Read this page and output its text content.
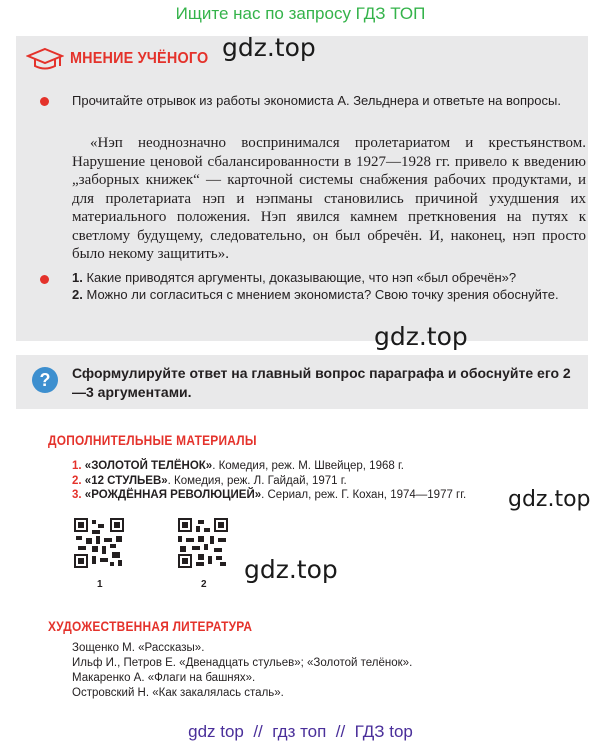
Ищите нас по запросу ГДЗ ТОП
МНЕНИЕ УЧЁНОГО
Прочитайте отрывок из работы экономиста А. Зельднера и ответьте на вопросы.
«Нэп неоднозначно воспринимался пролетариатом и крестьянством. Нарушение ценовой сбалансированности в 1927—1928 гг. привело к введению „заборных книжек“ — карточной системы снабжения рабочих продуктами, и для пролетариата нэп и нэпманы становились причиной ухудшения их материального положения. Нэп явился камнем преткновения на путях к светлому будущему, следовательно, он был обречён. И, наконец, нэп просто было некому защитить».
1. Какие приводятся аргументы, доказывающие, что нэп «был обречён»?
2. Можно ли согласиться с мнением экономиста? Свою точку зрения обоснуйте.
gdz.top
gdz.top
?	Сформулируйте ответ на главный вопрос параграфа и обоснуйте его 2—3 аргументами.
ДОПОЛНИТЕЛЬНЫЕ МАТЕРИАЛЫ
1. «ЗОЛОТОЙ ТЕЛЁНОК». Комедия, реж. М. Швейцер, 1968 г.
2. «12 СТУЛЬЕВ». Комедия, реж. Л. Гайдай, 1971 г.
3. «РОЖДЁННАЯ РЕВОЛЮЦИЕЙ». Сериал, реж. Г. Кохан, 1974—1977 гг. gdz.top
1	2
gdz.top
ХУДОЖЕСТВЕННАЯ ЛИТЕРАТУРА
Зощенко М. «Рассказы».
Ильф И., Петров Е. «Двенадцать стульев»; «Золотой телёнок».
Макаренко А. «Флаги на башнях».
Островский Н. «Как закалялась сталь».
gdz top  //  гдз топ  //  ГДЗ top
